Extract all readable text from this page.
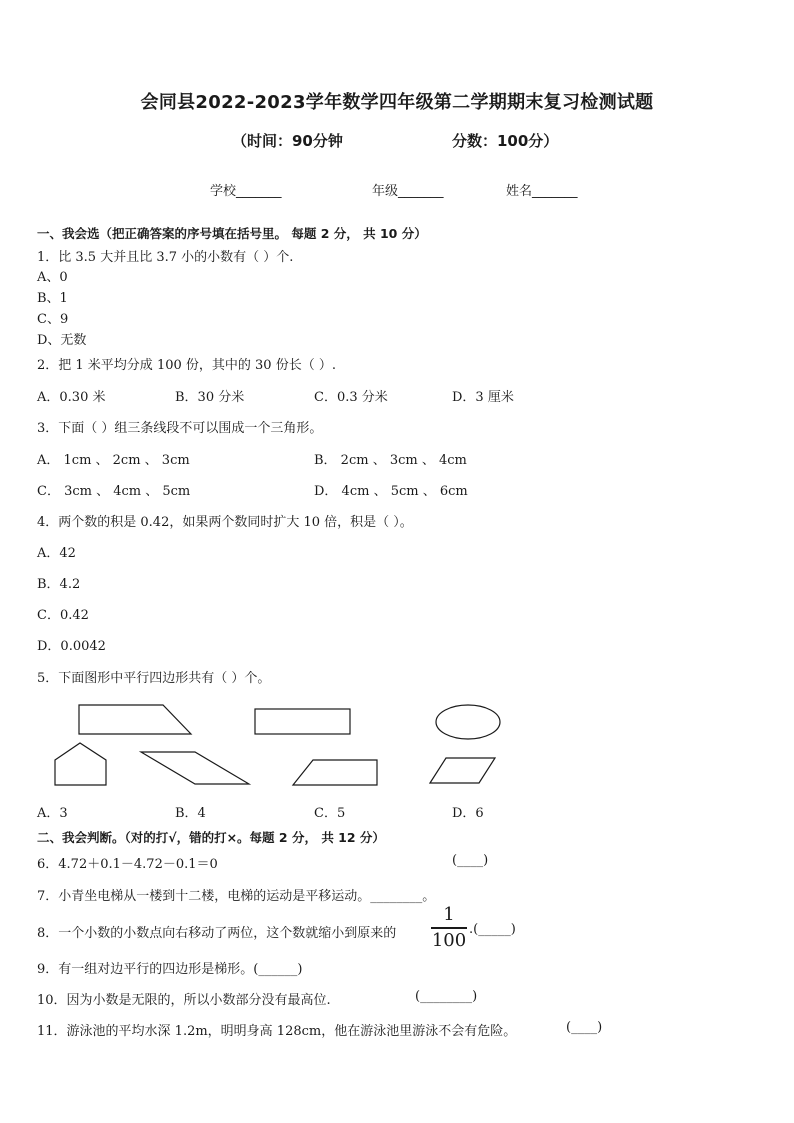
会同县2022-2023学年数学四年级第二学期期末复习检测试题
（时间：90分钟	分数：100分）
学校_______	年级_______	姓名_______
一、我会选（把正确答案的序号填在括号里。 每题 2 分， 共 10 分）
1．比 3.5 大并且比 3.7 小的小数有（ ）个.
A、0
B、1
C、9
D、无数
2．把 1 米平均分成 100 份，其中的 30 份长（ ）.
A．0.30 米	B．30 分米	C．0.3 分米	D．3 厘米
3．下面（ ）组三条线段不可以围成一个三角形。
A． 1cm 、 2cm 、 3cm	B． 2cm 、 3cm 、 4cm
C． 3cm 、 4cm 、 5cm	D． 4cm 、 5cm 、 6cm
4．两个数的积是 0.42，如果两个数同时扩大 10 倍，积是（ ）。
A．42
B．4.2
C．0.42
D．0.0042
5．下面图形中平行四边形共有（ ）个。
A．3	B．4	C．5	D．6
二、我会判断。（对的打√，错的打×。每题 2 分， 共 12 分）
6．4.72＋0.1－4.72－0.1＝0	(____)
7．小青坐电梯从一楼到十二楼，电梯的运动是平移运动。________。
8．一个小数的小数点向右移动了两位，这个数就缩小到原来的
1
100 .(_____)
9．有一组对边平行的四边形是梯形。(______)
10．因为小数是无限的，所以小数部分没有最高位.	(________)
11．游泳池的平均水深 1.2m，明明身高 128cm，他在游泳池里游泳不会有危险。	(____)
